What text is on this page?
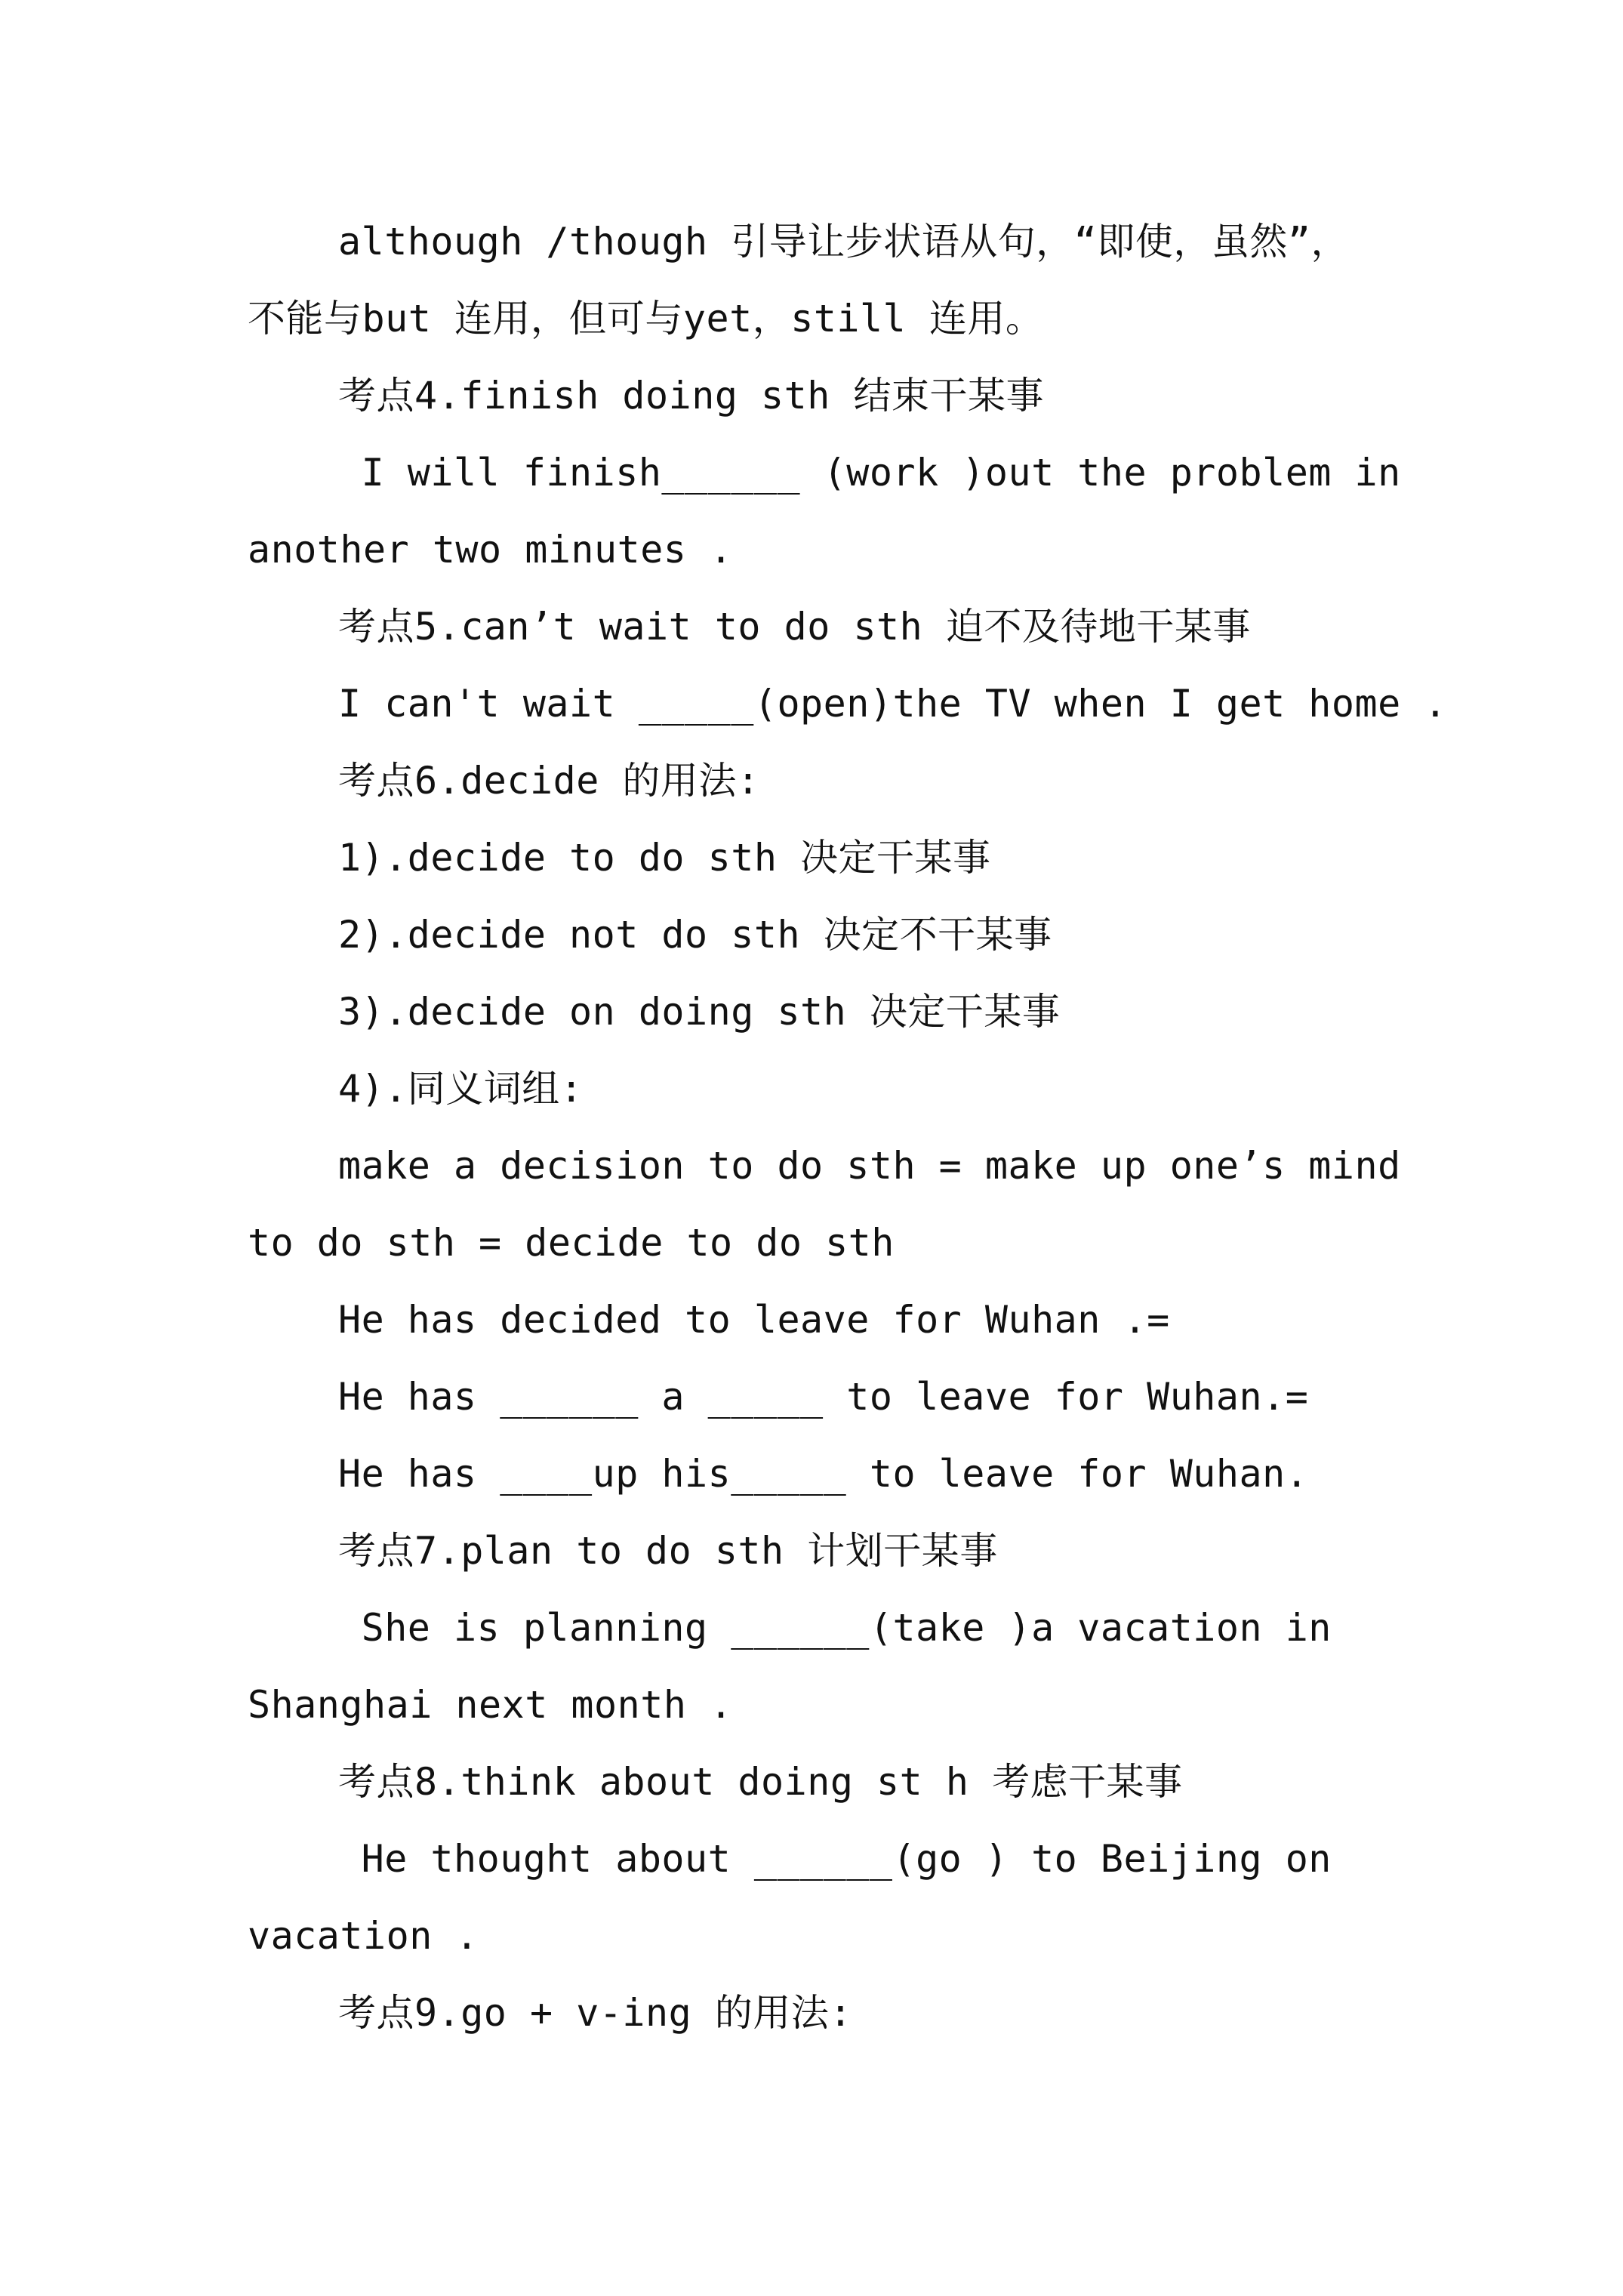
although /though 引导让步状语从句，“即使，虽然”，
不能与but 连用，但可与yet，still 连用。
考点4.finish doing sth 结束干某事
I will finish______ (work )out the problem in
another two minutes .
考点5.can’t wait to do sth 迫不及待地干某事
I can't wait _____(open)the TV when I get home .
考点6.decide 的用法:
1).decide to do sth 决定干某事
2).decide not do sth 决定不干某事
3).decide on doing sth 决定干某事
4).同义词组:
make a decision to do sth = make up one’s mind
to do sth = decide to do sth
He has decided to leave for Wuhan .=
He has ______ a _____ to leave for Wuhan.=
He has ____up his_____ to leave for Wuhan.
考点7.plan to do sth 计划干某事
She is planning ______(take )a vacation in
Shanghai next month .
考点8.think about doing st h 考虑干某事
He thought about ______(go ) to Beijing on
vacation .
考点9.go + v-ing 的用法:
